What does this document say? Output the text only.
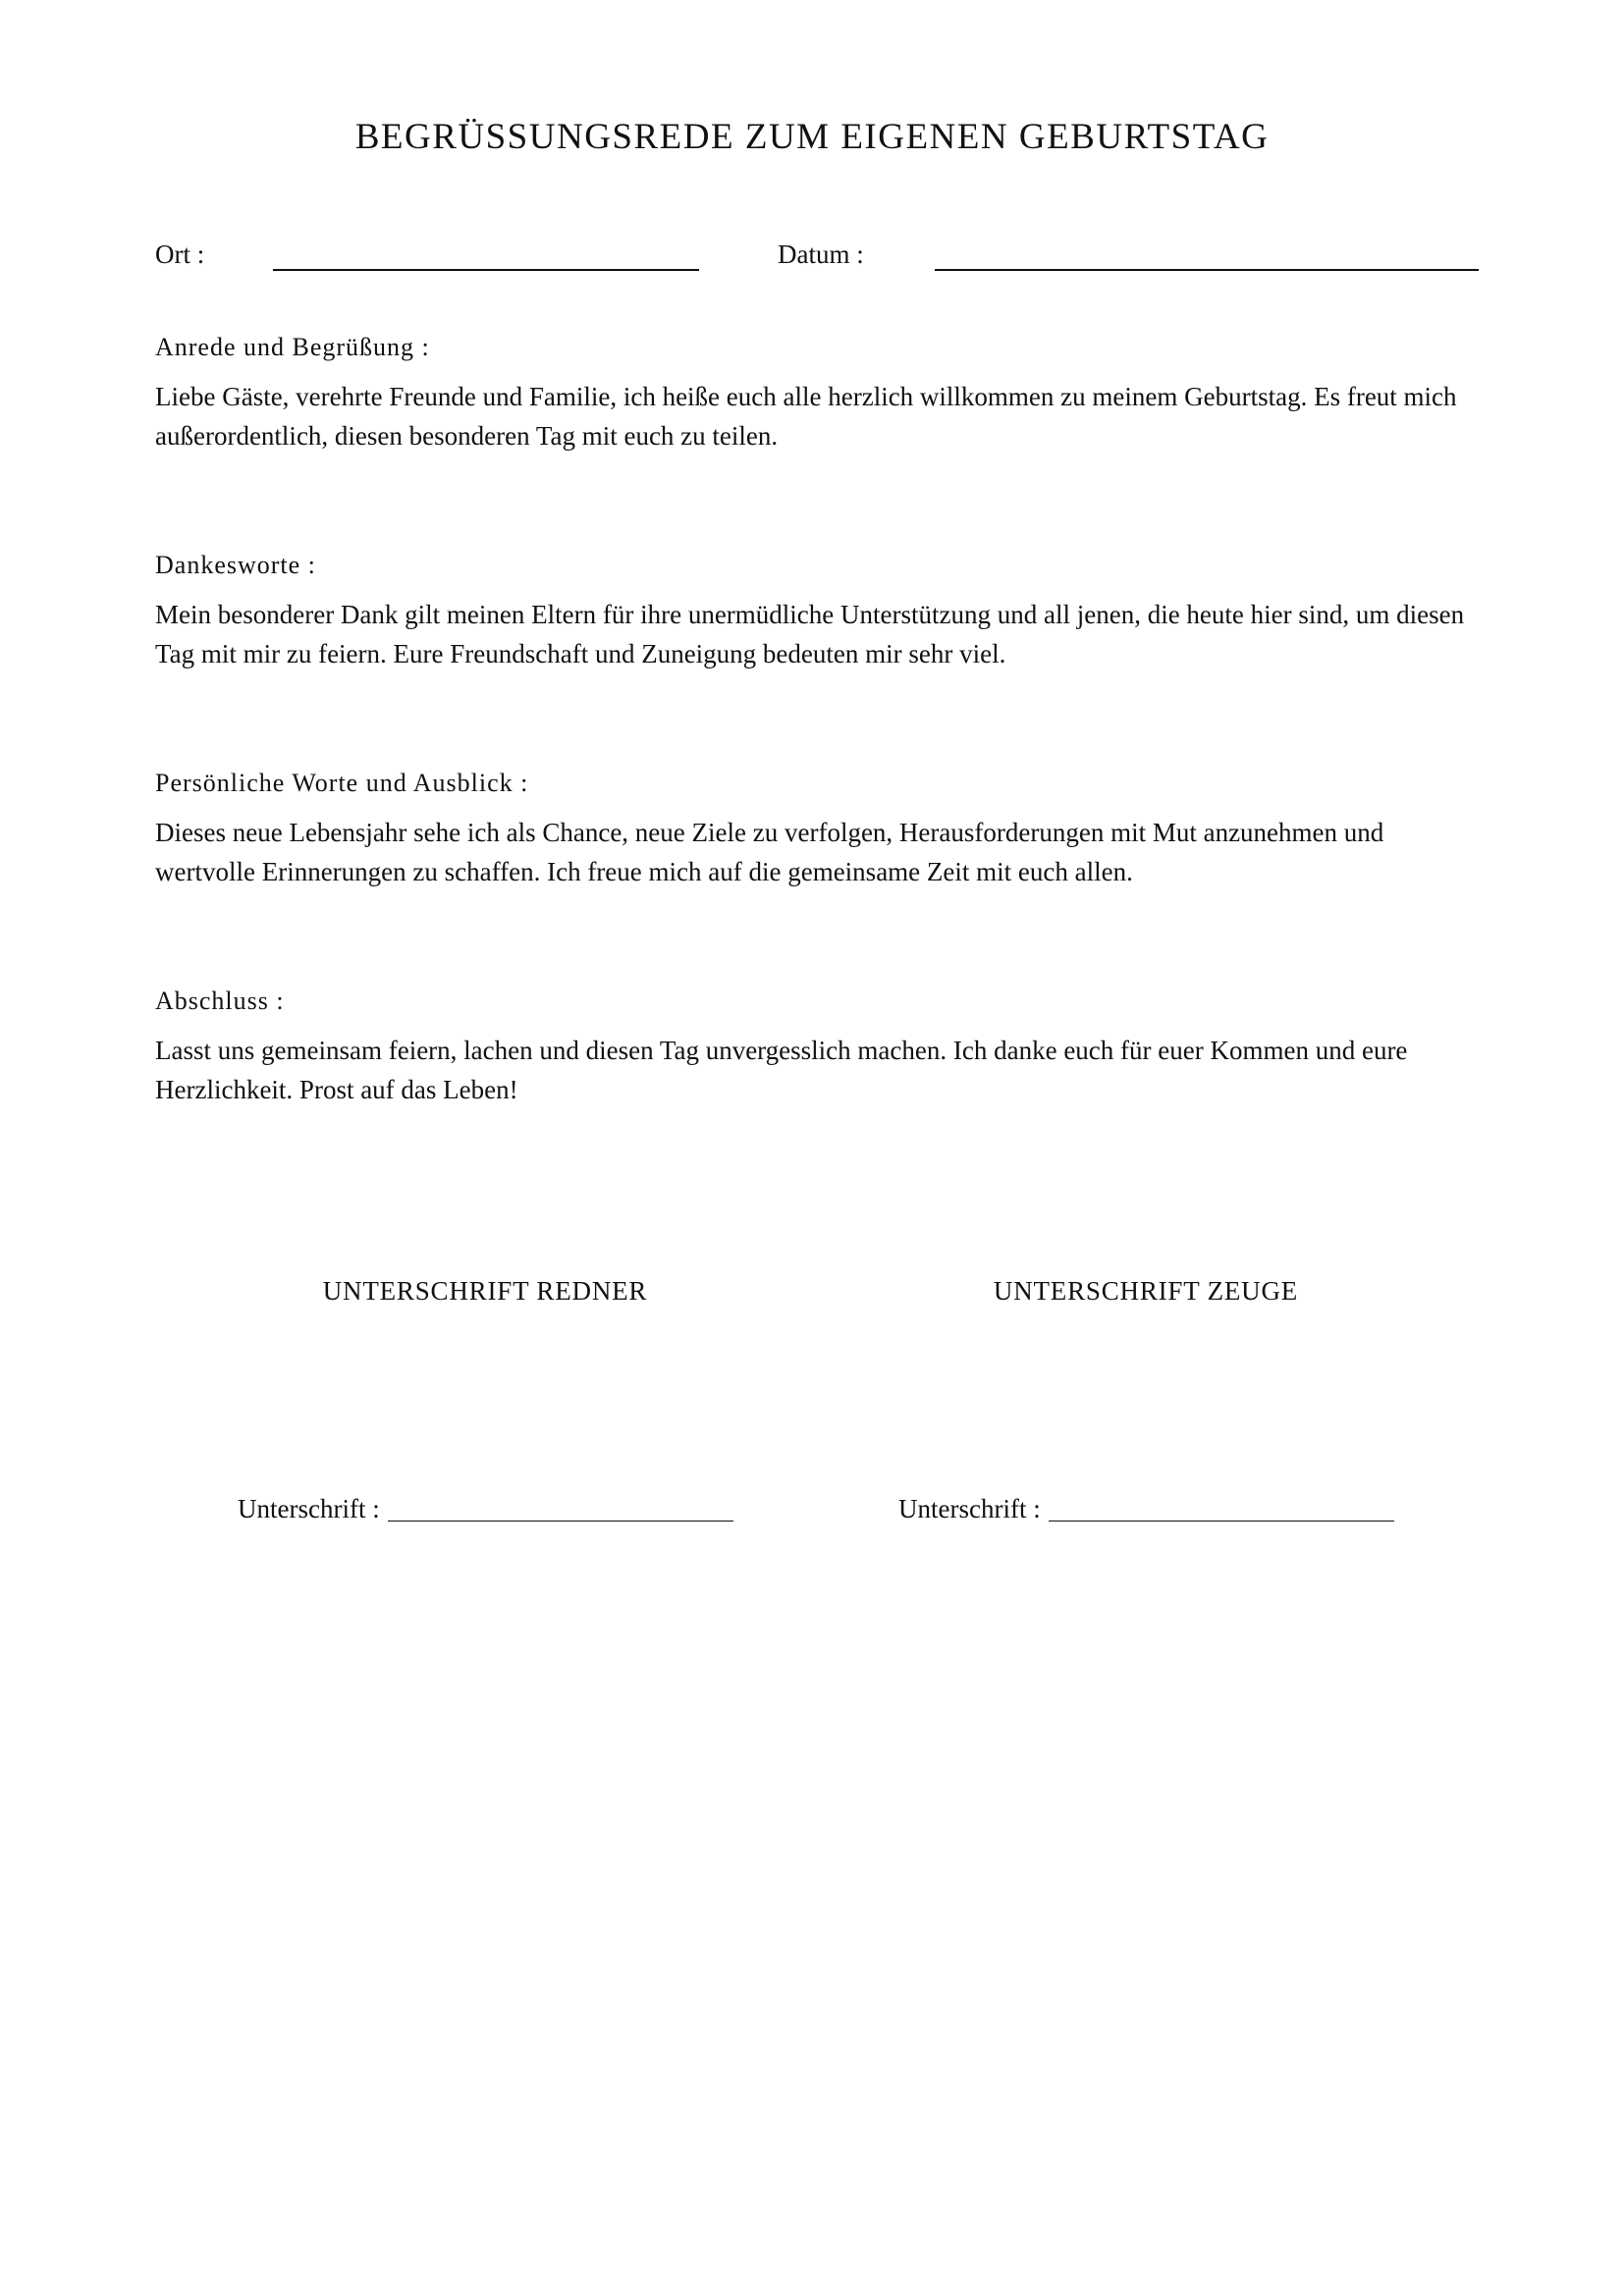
BEGRÜSSUNGSREDE ZUM EIGENEN GEBURTSTAG
Ort :	Datum :

Anrede und Begrüßung :

Liebe Gäste, verehrte Freunde und Familie, ich heiße euch alle herzlich willkommen zu meinem Geburtstag. Es freut mich außerordentlich, diesen besonderen Tag mit euch zu teilen.

Dankesworte :

Mein besonderer Dank gilt meinen Eltern für ihre unermüdliche Unterstützung und all jenen, die heute hier sind, um diesen Tag mit mir zu feiern. Eure Freundschaft und Zuneigung bedeuten mir sehr viel.

Persönliche Worte und Ausblick :

Dieses neue Lebensjahr sehe ich als Chance, neue Ziele zu verfolgen, Herausforderungen mit Mut anzunehmen und wertvolle Erinnerungen zu schaffen. Ich freue mich auf die gemeinsame Zeit mit euch allen.

Abschluss :

Lasst uns gemeinsam feiern, lachen und diesen Tag unvergesslich machen. Ich danke euch für euer Kommen und eure Herzlichkeit. Prost auf das Leben!

UNTERSCHRIFT REDNER	UNTERSCHRIFT ZEUGE
Unterschrift :	Unterschrift :
